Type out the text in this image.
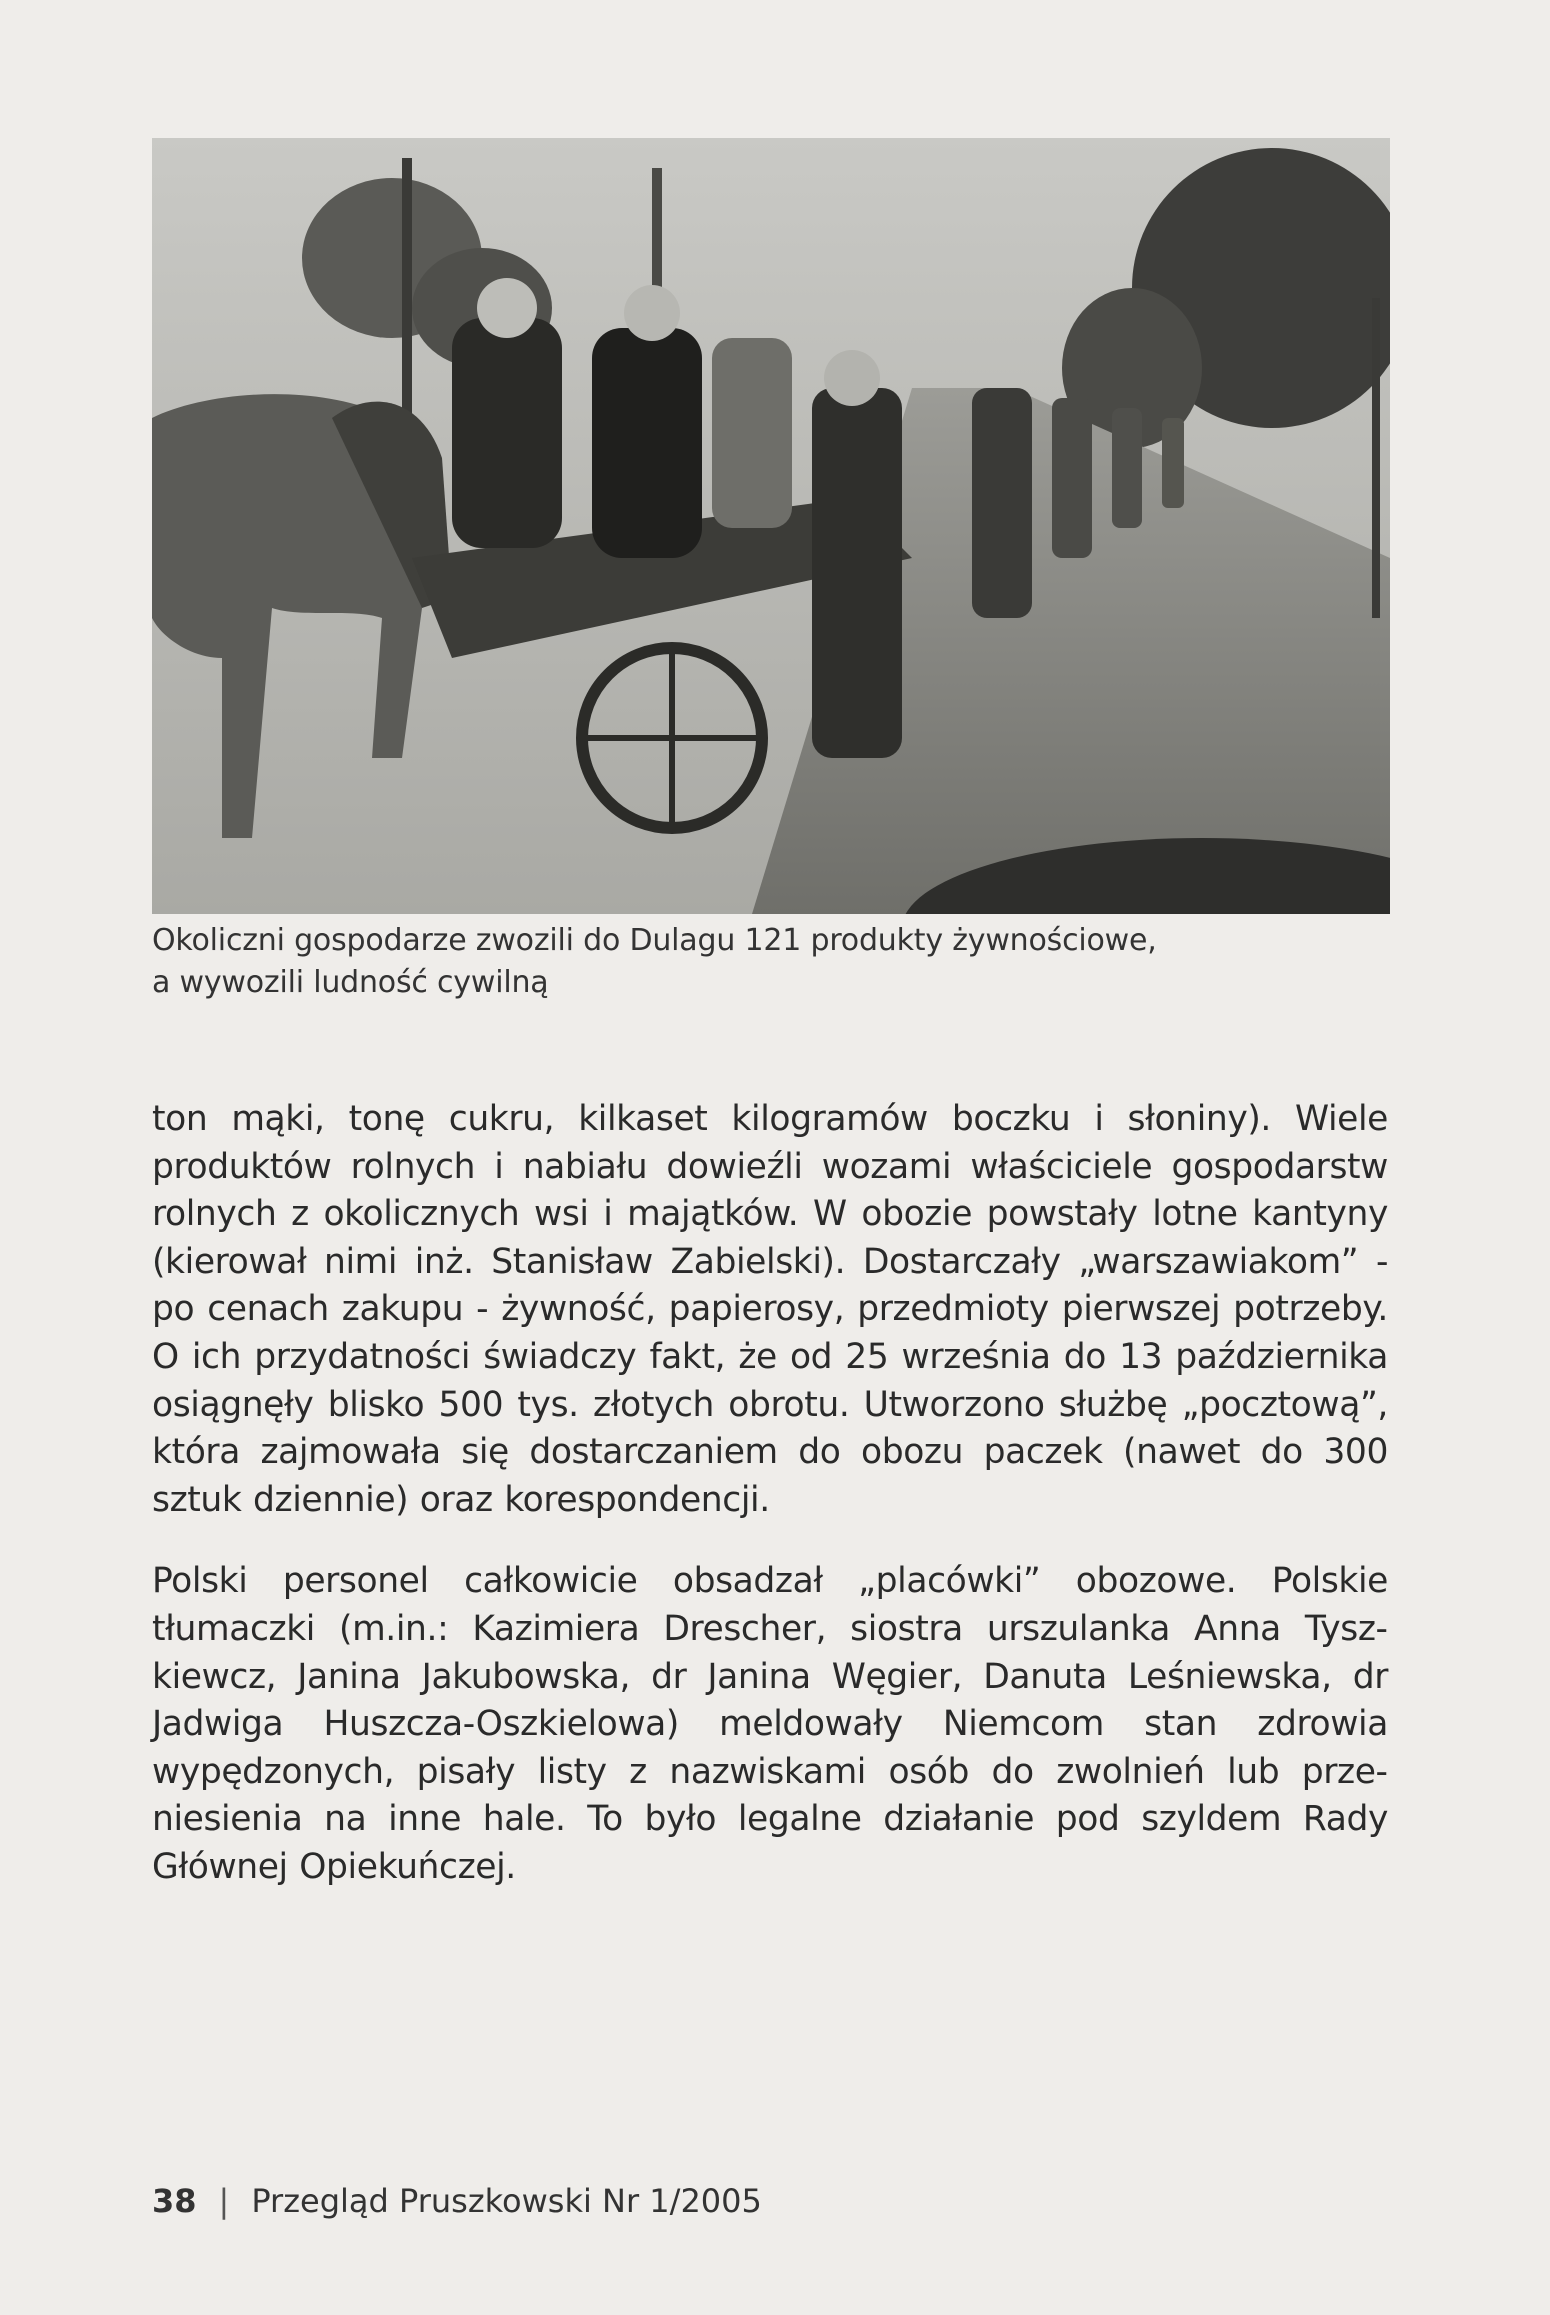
Okoliczni gospodarze zwozili do Dulagu 121 produkty żywnościowe,
a wywozili ludność cywilną

ton mąki, tonę cukru, kilkaset kilogramów boczku i słoniny). Wiele produktów rolnych i nabiału dowieźli wozami właściciele gospodarstw rolnych z okolicznych wsi i majątków. W obozie powstały lotne kantyny (kierował nimi inż. Stanisław Zabielski). Dostarczały „warszawiakom” - po cenach zakupu - żywność, papierosy, przedmioty pierwszej potrzeby. O ich przydatności świadczy fakt, że od 25 września do 13 października osiągnęły blisko 500 tys. złotych obrotu. Utworzono służbę „pocztową”, która zajmowała się dostarczaniem do obozu paczek (nawet do 300 sztuk dziennie) oraz korespondencji.

Polski personel całkowicie obsadzał „placówki” obozowe. Polskie tłumaczki (m.in.: Kazimiera Drescher, siostra urszulanka Anna Tyszkiewcz, Janina Jakubowska, dr Janina Węgier, Danuta Leśniewska, dr Jadwiga Huszcza-Oszkielowa) meldowały Niemcom stan zdrowia wypędzonych, pisały listy z nazwiskami osób do zwolnień lub przeniesienia na inne hale. To było legalne działanie pod szyldem Rady Głównej Opiekuńczej.

38 | Przegląd Pruszkowski Nr 1/2005
